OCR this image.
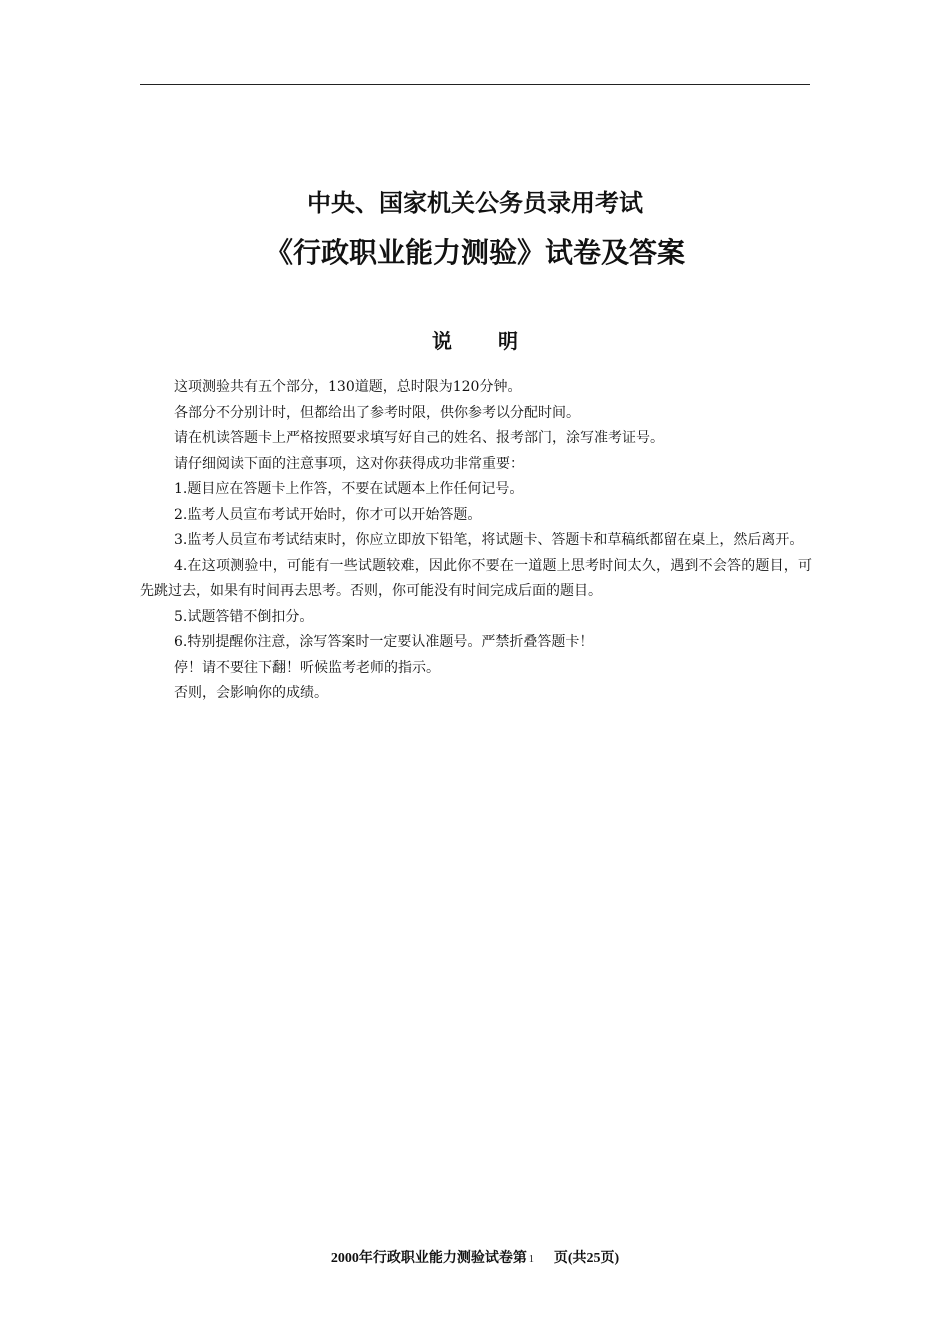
中央、国家机关公务员录用考试
《行政职业能力测验》试卷及答案
说 明

这项测验共有五个部分，130道题，总时限为120分钟。

各部分不分别计时，但都给出了参考时限，供你参考以分配时间。

请在机读答题卡上严格按照要求填写好自己的姓名、报考部门，涂写准考证号。

请仔细阅读下面的注意事项，这对你获得成功非常重要：

1.题目应在答题卡上作答，不要在试题本上作任何记号。

2.监考人员宣布考试开始时，你才可以开始答题。

3.监考人员宣布考试结束时，你应立即放下铅笔，将试题卡、答题卡和草稿纸都留在桌上，然后离开。

4.在这项测验中，可能有一些试题较难，因此你不要在一道题上思考时间太久，遇到不会答的题目，可先跳过去，如果有时间再去思考。否则，你可能没有时间完成后面的题目。

5.试题答错不倒扣分。

6.特别提醒你注意，涂写答案时一定要认准题号。严禁折叠答题卡！

停！请不要往下翻！听候监考老师的指示。

否则，会影响你的成绩。

2000年行政职业能力测验试卷第 1 页(共25页)
